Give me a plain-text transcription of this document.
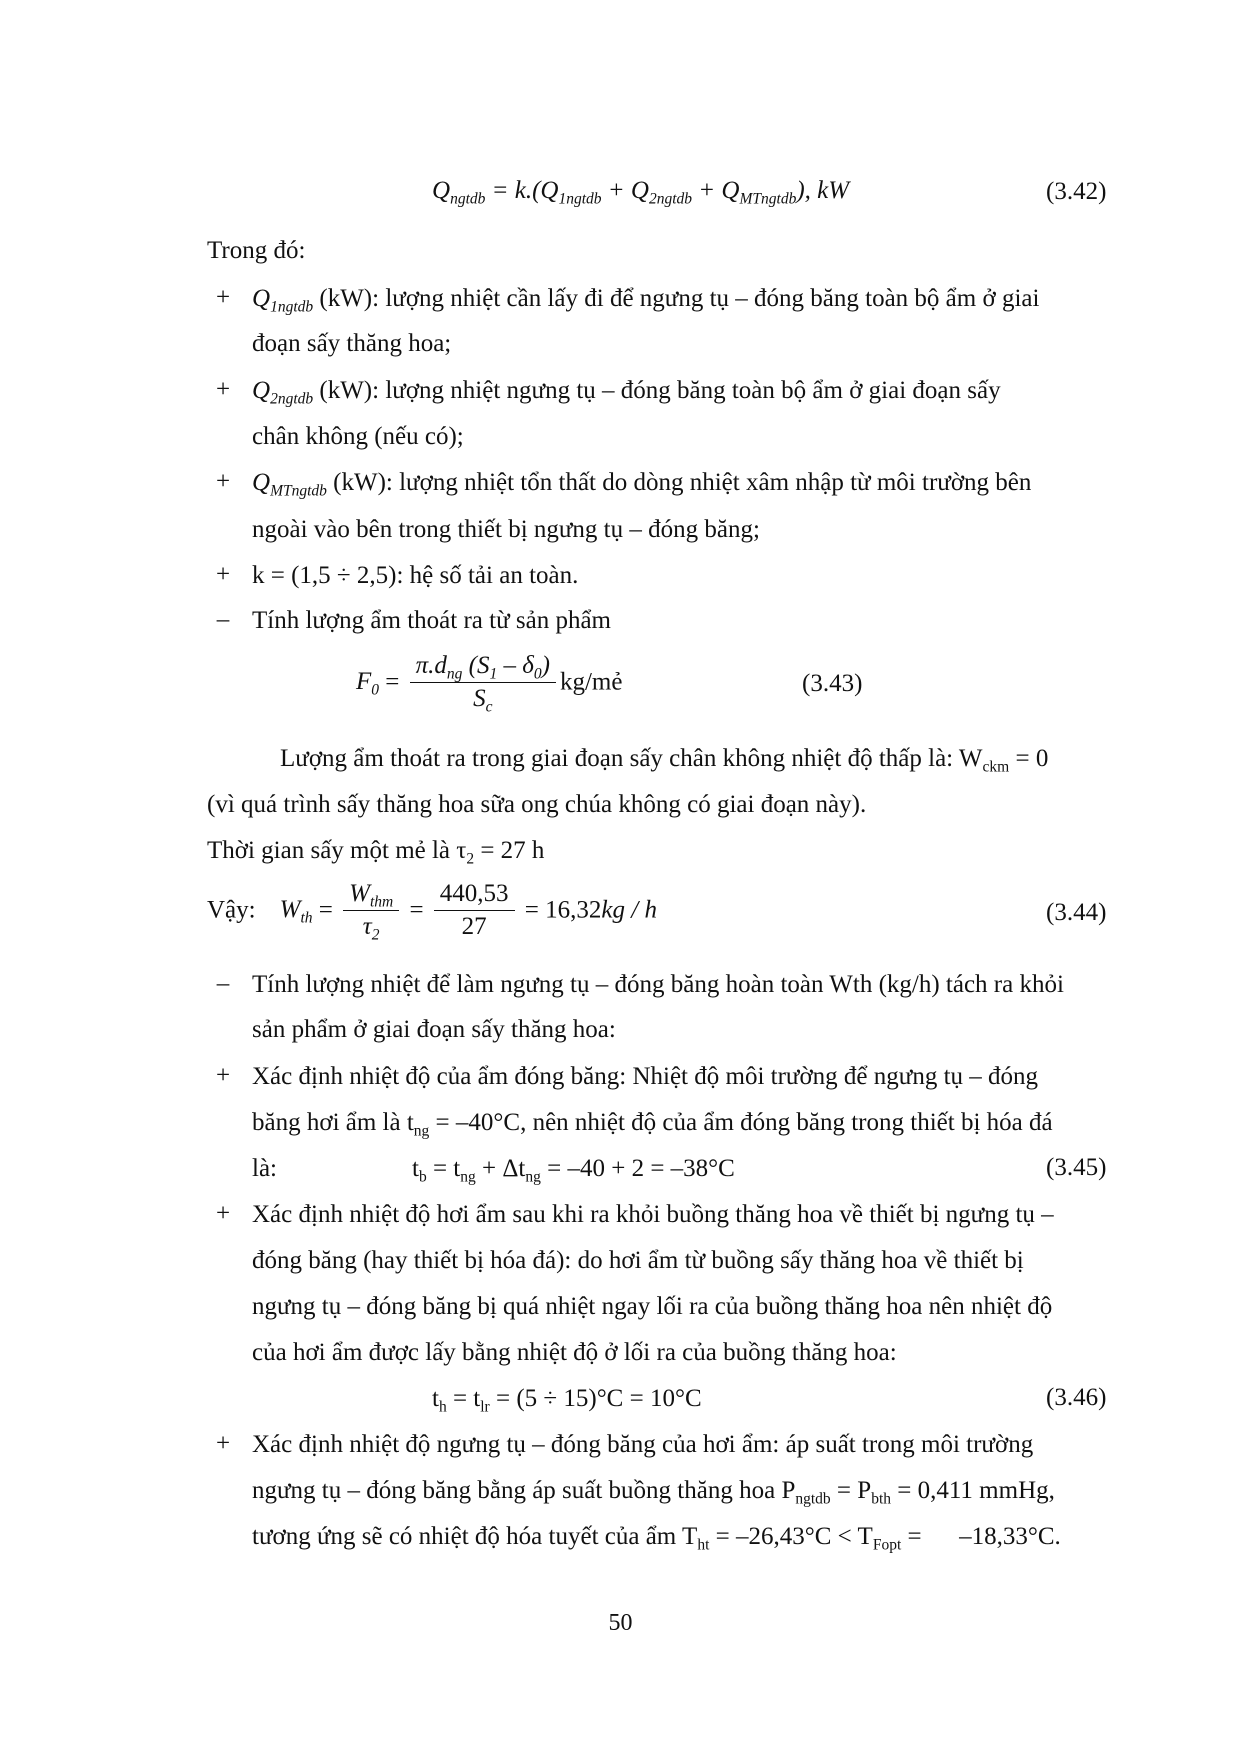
$Q_{ngtdb} = k.(Q_{1ngtdb} + Q_{2ngtdb} + Q_{MTngtdb})$, kW	(3.42)
Trong đó:
+ $Q_{1ngtdb}$ (kW): lượng nhiệt cần lấy đi để ngưng tụ – đóng băng toàn bộ ẩm ở giai
đoạn sấy thăng hoa;
+ $Q_{2ngtdb}$ (kW): lượng nhiệt ngưng tụ – đóng băng toàn bộ ẩm ở giai đoạn sấy
chân không (nếu có);
+ $Q_{MTngtdb}$ (kW): lượng nhiệt tổn thất do dòng nhiệt xâm nhập từ môi trường bên
ngoài vào bên trong thiết bị ngưng tụ – đóng băng;
+ k = (1,5 ÷ 2,5): hệ số tải an toàn.
– Tính lượng ẩm thoát ra từ sản phẩm
$F_0 = \frac{\pi.d_{ng} (S_1 - \delta_0)}{S_c}$ kg/mẻ	(3.43)
Lượng ẩm thoát ra trong giai đoạn sấy chân không nhiệt độ thấp là: $W_{ckm} = 0$
(vì quá trình sấy thăng hoa sữa ong chúa không có giai đoạn này).
Thời gian sấy một mẻ là $\tau_2 = 27$ h
Vậy: $W_{th} = \frac{W_{thm}}{\tau_2} = \frac{440,53}{27} = 16,32kg / h$	(3.44)
– Tính lượng nhiệt để làm ngưng tụ – đóng băng hoàn toàn Wth (kg/h) tách ra khỏi
sản phẩm ở giai đoạn sấy thăng hoa:
+ Xác định nhiệt độ của ẩm đóng băng: Nhiệt độ môi trường để ngưng tụ – đóng
băng hơi ẩm là $t_{ng} = -40^\circ C$, nên nhiệt độ của ẩm đóng băng trong thiết bị hóa đá
là:	$t_b = t_{ng} + \Delta t_{ng} = -40 + 2 = -38^\circ C$	(3.45)
+ Xác định nhiệt độ hơi ẩm sau khi ra khỏi buồng thăng hoa về thiết bị ngưng tụ –
đóng băng (hay thiết bị hóa đá): do hơi ẩm từ buồng sấy thăng hoa về thiết bị
ngưng tụ – đóng băng bị quá nhiệt ngay lối ra của buồng thăng hoa nên nhiệt độ
của hơi ẩm được lấy bằng nhiệt độ ở lối ra của buồng thăng hoa:
$t_h = t_{lr} = (5 \div 15)^\circ C = 10^\circ C$	(3.46)
+ Xác định nhiệt độ ngưng tụ – đóng băng của hơi ẩm: áp suất trong môi trường
ngưng tụ – đóng băng bằng áp suất buồng thăng hoa $P_{ngtdb} = P_{bth} = 0,411$ mmHg,
tương ứng sẽ có nhiệt độ hóa tuyết của ẩm $T_{ht} = -26,43^\circ C < T_{Fopt}$ =      –18,33°C.
50
